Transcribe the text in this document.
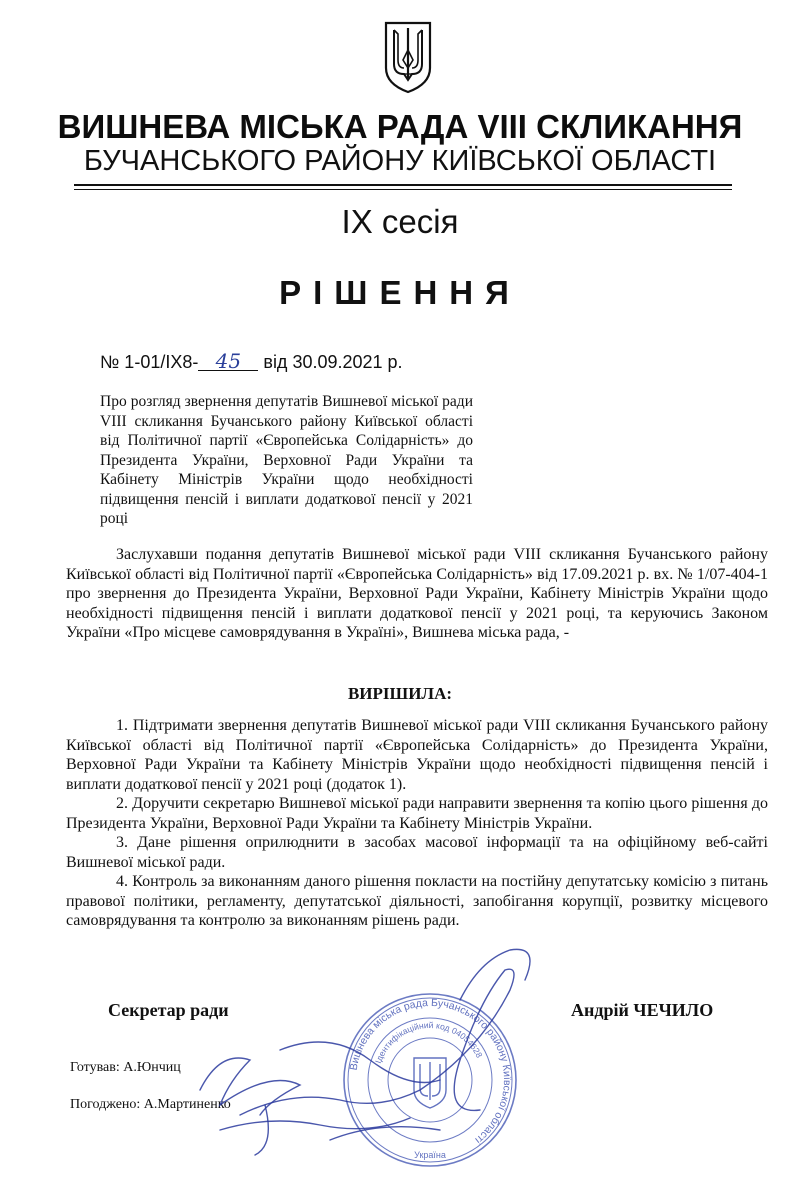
ВИШНЕВА МІСЬКА РАДА VIII СКЛИКАННЯ
БУЧАНСЬКОГО РАЙОНУ КИЇВСЬКОЇ ОБЛАСТІ
IX сесія
РІШЕННЯ
№ 1-01/IX8- 45 від 30.09.2021 р.
Про розгляд звернення депутатів Вишневої міської ради VIII скликання Бучанського району Київської області від Політичної партії «Європейська Солідарність» до Президента України, Верховної Ради України та Кабінету Міністрів України щодо необхідності підвищення пенсій і виплати додаткової пенсії у 2021 році

Заслухавши подання депутатів Вишневої міської ради VIII скликання Бучанського району Київської області від Політичної партії «Європейська Солідарність» від 17.09.2021 р. вх. № 1/07-404-1 про звернення до Президента України, Верховної Ради України, Кабінету Міністрів України щодо необхідності підвищення пенсій і виплати додаткової пенсії у 2021 році, та керуючись Законом України «Про місцеве самоврядування в Україні», Вишнева міська рада, -

ВИРІШИЛА:

1. Підтримати звернення депутатів Вишневої міської ради VIII скликання Бучанського району Київської області від Політичної партії «Європейська Солідарність» до Президента України, Верховної Ради України та Кабінету Міністрів України щодо необхідності підвищення пенсій і виплати додаткової пенсії у 2021 році (додаток 1).

2. Доручити секретарю Вишневої міської ради направити звернення та копію цього рішення до Президента України, Верховної Ради України та Кабінету Міністрів України.

3. Дане рішення оприлюднити в засобах масової інформації та на офіційному веб-сайті Вишневої міської ради.

4. Контроль за виконанням даного рішення покласти на постійну депутатську комісію з питань правової політики, регламенту, депутатської діяльності, запобігання корупції, розвитку місцевого самоврядування та контролю за виконанням рішень ради.

Секретар ради	Андрій ЧЕЧИЛО
Готував: А.Юнчиц
Погоджено: А.Мартиненко
Вишнева міська рада Бучанського району Київської області
Ідентифікаційний код 04054628
Україна
